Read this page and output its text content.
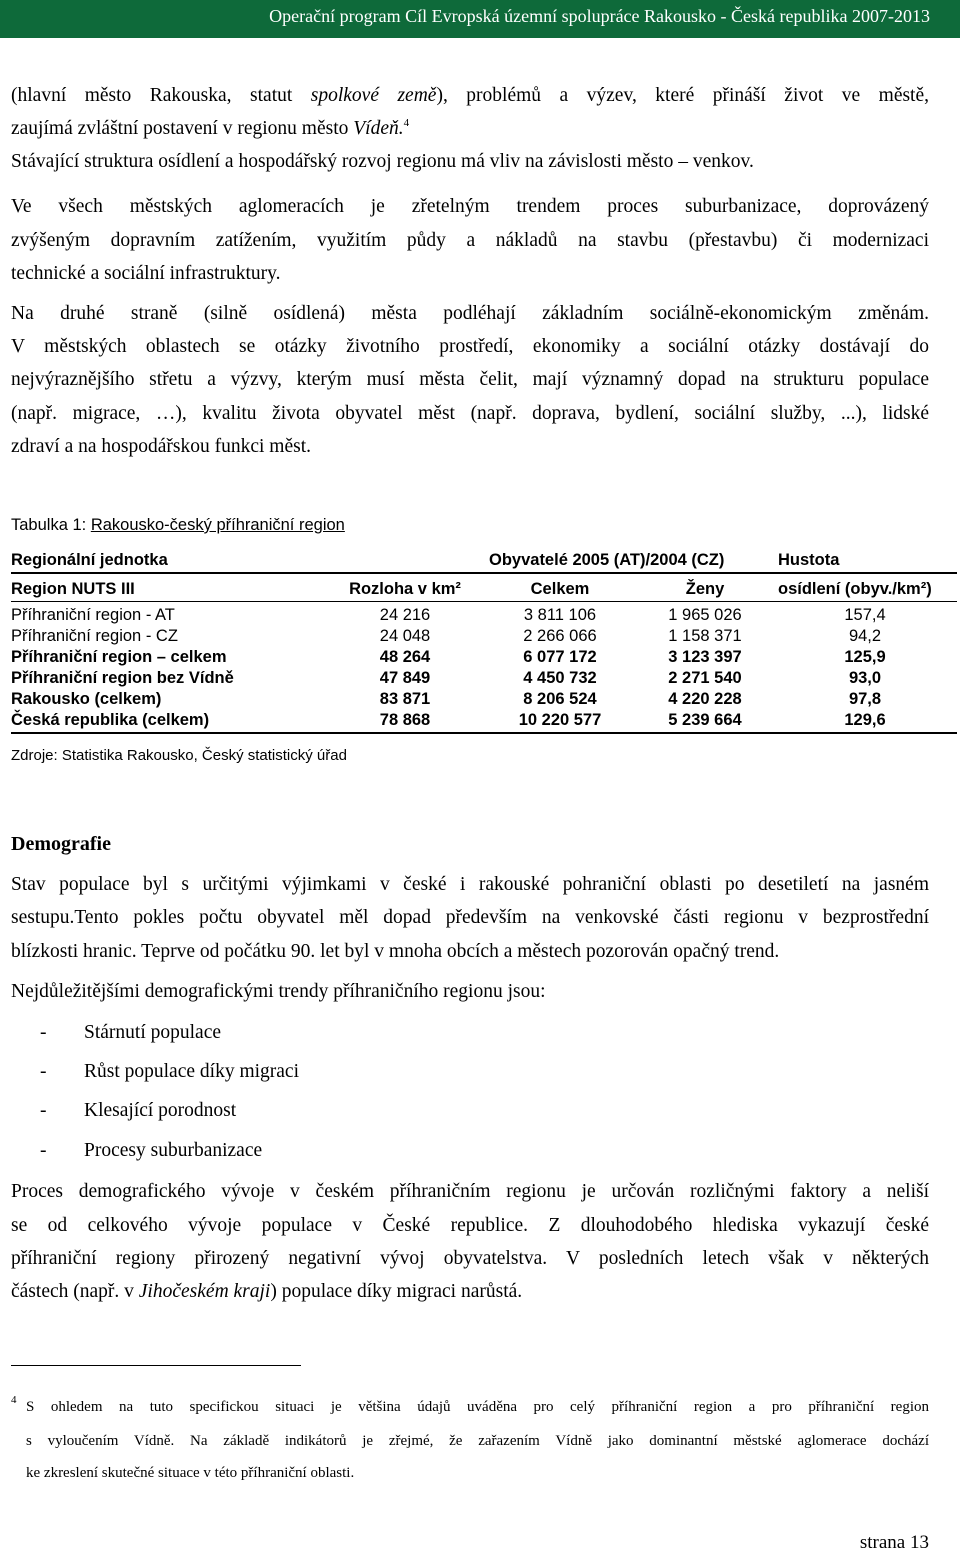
Operační program Cíl Evropská územní spolupráce Rakousko - Česká republika 2007-2013
(hlavní město Rakouska, statut spolkové země), problémů a výzev, které přináší život ve městě,
zaujímá zvláštní postavení v regionu město Vídeň.$^4$
Stávající struktura osídlení a hospodářský rozvoj regionu má vliv na závislosti město – venkov.
Ve všech městských aglomeracích je zřetelným trendem proces suburbanizace, doprovázený
zvýšeným dopravním zatížením, využitím půdy a nákladů na stavbu (přestavbu) či modernizaci
technické a sociální infrastruktury.
Na druhé straně (silně osídlená) města podléhají základním sociálně-ekonomickým změnám.
V městských oblastech se otázky životního prostředí, ekonomiky a sociální otázky dostávají do
nejvýraznějšího střetu a výzvy, kterým musí města čelit, mají významný dopad na strukturu populace
(např. migrace, …), kvalitu života obyvatel měst (např. doprava, bydlení, sociální služby, ...), lidské
zdraví a na hospodářskou funkci měst.
Tabulka 1: Rakousko-český příhraniční region
Regionální jednotka	Obyvatelé 2005 (AT)/2004 (CZ)	Hustota
Region NUTS III	Rozloha v km²	Celkem	Ženy	osídlení (obyv./km²)
Příhraniční region - AT	24 216	3 811 106	1 965 026	157,4
Příhraniční region - CZ	24 048	2 266 066	1 158 371	94,2
Příhraniční region – celkem	48 264	6 077 172	3 123 397	125,9
Příhraniční region bez Vídně	47 849	4 450 732	2 271 540	93,0
Rakousko (celkem)	83 871	8 206 524	4 220 228	97,8
Česká republika (celkem)	78 868	10 220 577	5 239 664	129,6
Zdroje: Statistika Rakousko, Český statistický úřad
Demografie
Stav populace byl s určitými výjimkami v české i rakouské pohraniční oblasti po desetiletí na jasném
sestupu.Tento pokles počtu obyvatel měl dopad především na venkovské části regionu v bezprostřední
blízkosti hranic. Teprve od počátku 90. let byl v mnoha obcích a městech pozorován opačný trend.
Nejdůležitějšími demografickými trendy příhraničního regionu jsou:
- Stárnutí populace
- Růst populace díky migraci
- Klesající porodnost
- Procesy suburbanizace
Proces demografického vývoje v českém příhraničním regionu je určován rozličnými faktory a neliší
se od celkového vývoje populace v České republice. Z dlouhodobého hlediska vykazují české
příhraniční regiony přirozený negativní vývoj obyvatelstva. V posledních letech však v některých
částech (např. v Jihočeském kraji) populace díky migraci narůstá.
4 S ohledem na tuto specifickou situaci je většina údajů uváděna pro celý příhraniční region a pro příhraniční region
s vyloučením Vídně. Na základě indikátorů je zřejmé, že zařazením Vídně jako dominantní městské aglomerace dochází
ke zkreslení skutečné situace v této příhraniční oblasti.
strana 13
